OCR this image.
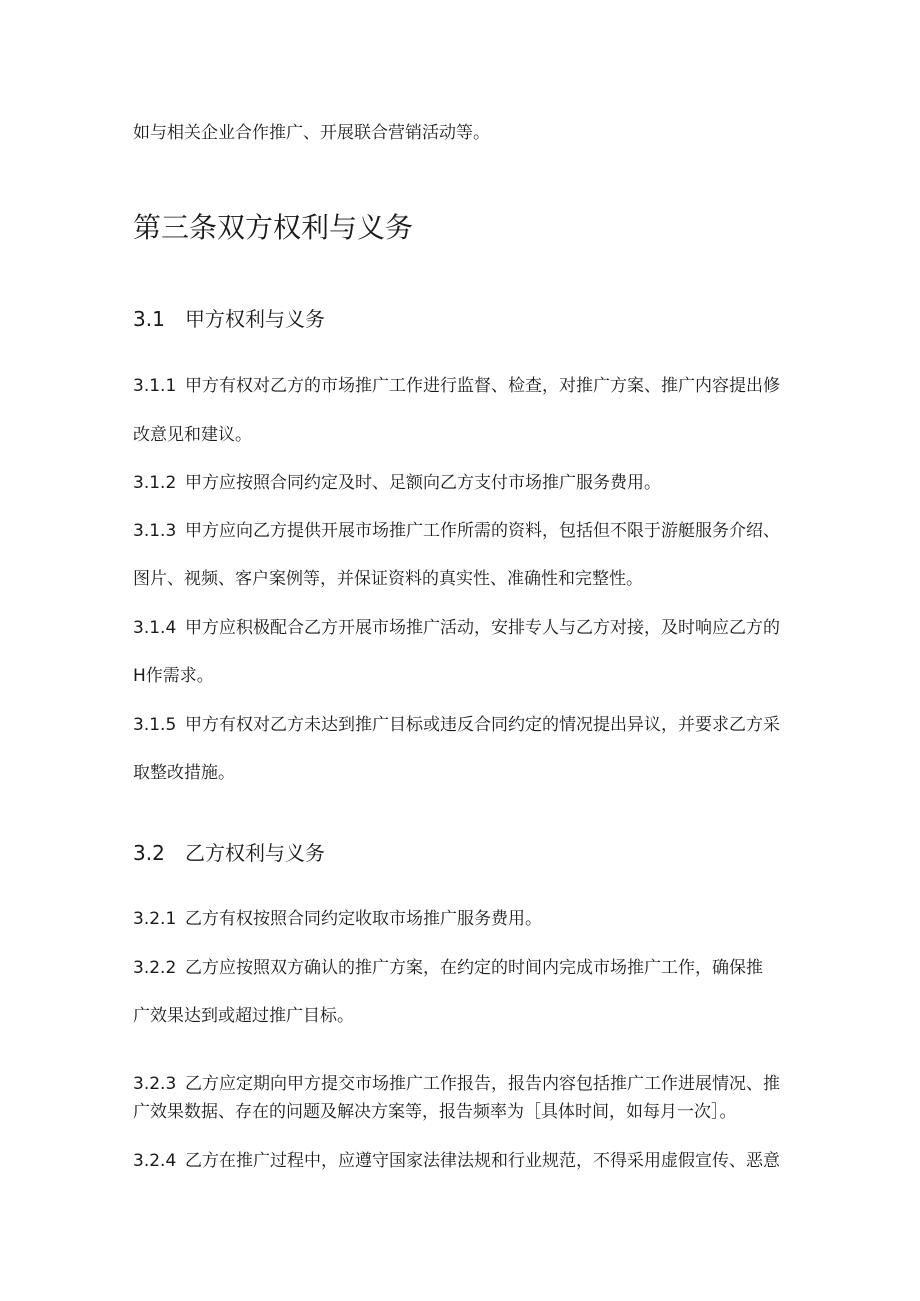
如与相关企业合作推广、开展联合营销活动等。
第三条双方权利与义务
3.1 甲方权利与义务
3.1.1 甲方有权对乙方的市场推广工作进行监督、检查，对推广方案、推广内容提出修
改意见和建议。
3.1.2 甲方应按照合同约定及时、足额向乙方支付市场推广服务费用。
3.1.3 甲方应向乙方提供开展市场推广工作所需的资料，包括但不限于游艇服务介绍、
图片、视频、客户案例等，并保证资料的真实性、准确性和完整性。
3.1.4 甲方应积极配合乙方开展市场推广活动，安排专人与乙方对接，及时响应乙方的
H作需求。
3.1.5 甲方有权对乙方未达到推广目标或违反合同约定的情况提出异议，并要求乙方采
取整改措施。
3.2 乙方权利与义务
3.2.1 乙方有权按照合同约定收取市场推广服务费用。
3.2.2 乙方应按照双方确认的推广方案，在约定的时间内完成市场推广工作，确保推
广效果达到或超过推广目标。
3.2.3 乙方应定期向甲方提交市场推广工作报告，报告内容包括推广工作进展情况、推
广效果数据、存在的问题及解决方案等，报告频率为［具体时间，如每月一次］。
3.2.4 乙方在推广过程中，应遵守国家法律法规和行业规范，不得采用虚假宣传、恶意
